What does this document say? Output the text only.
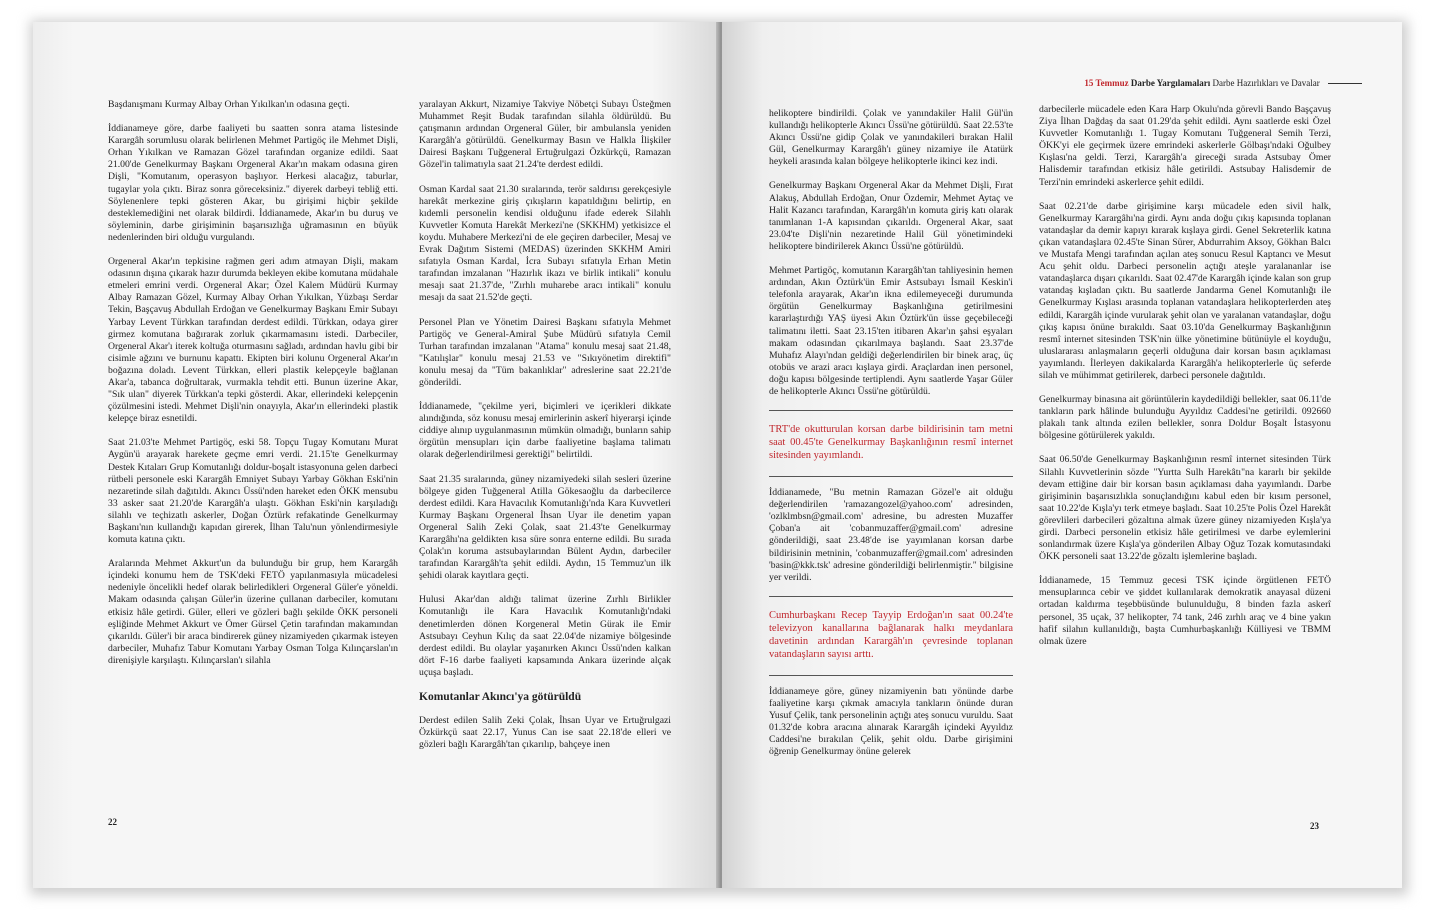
Başdanışmanı Kurmay Albay Orhan Yıkılkan'ın odasına geçti.

İddianameye göre, darbe faaliyeti bu saatten sonra atama listesinde Karargâh sorumlusu olarak belirlenen Mehmet Partigöç ile Mehmet Dişli, Orhan Yıkılkan ve Ramazan Gözel tarafından organize edildi. Saat 21.00'de Genelkurmay Başkanı Orgeneral Akar'ın makam odasına giren Dişli, "Komutanım, operasyon başlıyor. Herkesi alacağız, taburlar, tugaylar yola çıktı. Biraz sonra göreceksiniz." diyerek darbeyi tebliğ etti. Söylenenlere tepki gösteren Akar, bu girişimi hiçbir şekilde desteklemediğini net olarak bildirdi. İddianamede, Akar'ın bu duruş ve söyleminin, darbe girişiminin başarısızlığa uğramasının en büyük nedenlerinden biri olduğu vurgulandı.

Orgeneral Akar'ın tepkisine rağmen geri adım atmayan Dişli, makam odasının dışına çıkarak hazır durumda bekleyen ekibe komutana müdahale etmeleri emrini verdi. Orgeneral Akar; Özel Kalem Müdürü Kurmay Albay Ramazan Gözel, Kurmay Albay Orhan Yıkılkan, Yüzbaşı Serdar Tekin, Başçavuş Abdullah Erdoğan ve Genelkurmay Başkanı Emir Subayı Yarbay Levent Türkkan tarafından derdest edildi. Türkkan, odaya girer girmez komutana bağırarak zorluk çıkarmamasını istedi. Darbeciler, Orgeneral Akar'ı iterek koltuğa oturmasını sağladı, ardından havlu gibi bir cisimle ağzını ve burnunu kapattı. Ekipten biri kolunu Orgeneral Akar'ın boğazına doladı. Levent Türkkan, elleri plastik kelepçeyle bağlanan Akar'a, tabanca doğrultarak, vurmakla tehdit etti. Bunun üzerine Akar, "Sık ulan" diyerek Türkkan'a tepki gösterdi. Akar, ellerindeki kelepçenin çözülmesini istedi. Mehmet Dişli'nin onayıyla, Akar'ın ellerindeki plastik kelepçe biraz esnetildi.

Saat 21.03'te Mehmet Partigöç, eski 58. Topçu Tugay Komutanı Murat Aygün'ü arayarak harekete geçme emri verdi. 21.15'te Genelkurmay Destek Kıtaları Grup Komutanlığı doldur-boşalt istasyonuna gelen darbeci rütbeli personele eski Karargâh Emniyet Subayı Yarbay Gökhan Eski'nin nezaretinde silah dağıtıldı. Akıncı Üssü'nden hareket eden ÖKK mensubu 33 asker saat 21.20'de Karargâh'a ulaştı. Gökhan Eski'nin karşıladığı silahlı ve teçhizatlı askerler, Doğan Öztürk refakatinde Genelkurmay Başkanı'nın kullandığı kapıdan girerek, İlhan Talu'nun yönlendirmesiyle komuta katına çıktı.

Aralarında Mehmet Akkurt'un da bulunduğu bir grup, hem Karargâh içindeki konumu hem de TSK'deki FETÖ yapılanmasıyla mücadelesi nedeniyle öncelikli hedef olarak belirledikleri Orgeneral Güler'e yöneldi. Makam odasında çalışan Güler'in üzerine çullanan darbeciler, komutanı etkisiz hâle getirdi. Güler, elleri ve gözleri bağlı şekilde ÖKK personeli eşliğinde Mehmet Akkurt ve Ömer Gürsel Çetin tarafından makamından çıkarıldı. Güler'i bir araca bindirerek güney nizamiyeden çıkarmak isteyen darbeciler, Muhafız Tabur Komutanı Yarbay Osman Tolga Kılınçarslan'ın direnişiyle karşılaştı. Kılınçarslan'ı silahla

yaralayan Akkurt, Nizamiye Takviye Nöbetçi Subayı Üsteğmen Muhammet Reşit Budak tarafından silahla öldürüldü. Bu çatışmanın ardından Orgeneral Güler, bir ambulansla yeniden Karargâh'a götürüldü. Genelkurmay Basın ve Halkla İlişkiler Dairesi Başkanı Tuğgeneral Ertuğrulgazi Özkürkçü, Ramazan Gözel'in talimatıyla saat 21.24'te derdest edildi.

Osman Kardal saat 21.30 sıralarında, terör saldırısı gerekçesiyle harekât merkezine giriş çıkışların kapatıldığını belirtip, en kıdemli personelin kendisi olduğunu ifade ederek Silahlı Kuvvetler Komuta Harekât Merkezi'ne (SKKHM) yetkisizce el koydu. Muhabere Merkezi'ni de ele geçiren darbeciler, Mesaj ve Evrak Dağıtım Sistemi (MEDAS) üzerinden SKKHM Amiri sıfatıyla Osman Kardal, İcra Subayı sıfatıyla Erhan Metin tarafından imzalanan "Hazırlık ikazı ve birlik intikali" konulu mesajı saat 21.37'de, "Zırhlı muharebe aracı intikali" konulu mesajı da saat 21.52'de geçti.

Personel Plan ve Yönetim Dairesi Başkanı sıfatıyla Mehmet Partigöç ve General-Amiral Şube Müdürü sıfatıyla Cemil Turhan tarafından imzalanan "Atama" konulu mesaj saat 21.48, "Katılışlar" konulu mesaj 21.53 ve "Sıkıyönetim direktifi" konulu mesaj da "Tüm bakanlıklar" adreslerine saat 22.21'de gönderildi.

İddianamede, "çekilme yeri, biçimleri ve içerikleri dikkate alındığında, söz konusu mesaj emirlerinin askerî hiyerarşi içinde ciddiye alınıp uygulanmasının mümkün olmadığı, bunların sahip örgütün mensupları için darbe faaliyetine başlama talimatı olarak değerlendirilmesi gerektiği" belirtildi.

Saat 21.35 sıralarında, güney nizamiyedeki silah sesleri üzerine bölgeye giden Tuğgeneral Atilla Gökesaoğlu da darbecilerce derdest edildi. Kara Havacılık Komutanlığı'nda Kara Kuvvetleri Kurmay Başkanı Orgeneral İhsan Uyar ile denetim yapan Orgeneral Salih Zeki Çolak, saat 21.43'te Genelkurmay Karargâhı'na geldikten kısa süre sonra enterne edildi. Bu sırada Çolak'ın koruma astsubaylarından Bülent Aydın, darbeciler tarafından Karargâh'ta şehit edildi. Aydın, 15 Temmuz'un ilk şehidi olarak kayıtlara geçti.

Hulusi Akar'dan aldığı talimat üzerine Zırhlı Birlikler Komutanlığı ile Kara Havacılık Komutanlığı'ndaki denetimlerden dönen Korgeneral Metin Gürak ile Emir Astsubayı Ceyhun Kılıç da saat 22.04'de nizamiye bölgesinde derdest edildi. Bu olaylar yaşanırken Akıncı Üssü'nden kalkan dört F-16 darbe faaliyeti kapsamında Ankara üzerinde alçak uçuşa başladı.

Komutanlar Akıncı'ya götürüldü

Derdest edilen Salih Zeki Çolak, İhsan Uyar ve Ertuğrulgazi Özkürkçü saat 22.17, Yunus Can ise saat 22.18'de elleri ve gözleri bağlı Karargâh'tan çıkarılıp, bahçeye inen

22
15 Temmuz Darbe Yargılamaları Darbe Hazırlıkları ve Davalar

helikoptere bindirildi. Çolak ve yanındakiler Halil Gül'ün kullandığı helikopterle Akıncı Üssü'ne götürüldü. Saat 22.53'te Akıncı Üssü'ne gidip Çolak ve yanındakileri bırakan Halil Gül, Genelkurmay Karargâh'ı güney nizamiye ile Atatürk heykeli arasında kalan bölgeye helikopterle ikinci kez indi.

Genelkurmay Başkanı Orgeneral Akar da Mehmet Dişli, Fırat Alakuş, Abdullah Erdoğan, Onur Özdemir, Mehmet Aytaç ve Halit Kazancı tarafından, Karargâh'ın komuta giriş katı olarak tanımlanan 1-A kapısından çıkarıldı. Orgeneral Akar, saat 23.04'te Dişli'nin nezaretinde Halil Gül yönetimindeki helikoptere bindirilerek Akıncı Üssü'ne götürüldü.

Mehmet Partigöç, komutanın Karargâh'tan tahliyesinin hemen ardından, Akın Öztürk'ün Emir Astsubayı İsmail Keskin'i telefonla arayarak, Akar'ın ikna edilemeyeceği durumunda örgütün Genelkurmay Başkanlığına getirilmesini kararlaştırdığı YAŞ üyesi Akın Öztürk'ün üsse geçebileceği talimatını iletti. Saat 23.15'ten itibaren Akar'ın şahsi eşyaları makam odasından çıkarılmaya başlandı. Saat 23.37'de Muhafız Alayı'ndan geldiği değerlendirilen bir binek araç, üç otobüs ve arazi aracı kışlaya girdi. Araçlardan inen personel, doğu kapısı bölgesinde tertiplendi. Aynı saatlerde Yaşar Güler de helikopterle Akıncı Üssü'ne götürüldü.

TRT'de okutturulan korsan darbe bildirisinin tam metni saat 00.45'te Genelkurmay Başkanlığının resmî internet sitesinden yayımlandı.

İddianamede, "Bu metnin Ramazan Gözel'e ait olduğu değerlendirilen 'ramazangozel@yahoo.com' adresinden, 'ozlklmbsn@gmail.com' adresine, bu adresten Muzaffer Çoban'a ait 'cobanmuzaffer@gmail.com' adresine gönderildiği, saat 23.48'de ise yayımlanan korsan darbe bildirisinin metninin, 'cobanmuzaffer@gmail.com' adresinden 'basin@kkk.tsk' adresine gönderildiği belirlenmiştir." bilgisine yer verildi.

Cumhurbaşkanı Recep Tayyip Erdoğan'ın saat 00.24'te televizyon kanallarına bağlanarak halkı meydanlara davetinin ardından Karargâh'ın çevresinde toplanan vatandaşların sayısı arttı.

İddianameye göre, güney nizamiyenin batı yönünde darbe faaliyetine karşı çıkmak amacıyla tankların önünde duran Yusuf Çelik, tank personelinin açtığı ateş sonucu vuruldu. Saat 01.32'de kobra aracına alınarak Karargâh içindeki Ayyıldız Caddesi'ne bırakılan Çelik, şehit oldu. Darbe girişimini öğrenip Genelkurmay önüne gelerek

darbecilerle mücadele eden Kara Harp Okulu'nda görevli Bando Başçavuş Ziya İlhan Dağdaş da saat 01.29'da şehit edildi. Aynı saatlerde eski Özel Kuvvetler Komutanlığı 1. Tugay Komutanı Tuğgeneral Semih Terzi, ÖKK'yi ele geçirmek üzere emrindeki askerlerle Gölbaşı'ndaki Oğulbey Kışlası'na geldi. Terzi, Karargâh'a gireceği sırada Astsubay Ömer Halisdemir tarafından etkisiz hâle getirildi. Astsubay Halisdemir de Terzi'nin emrindeki askerlerce şehit edildi.

Saat 02.21'de darbe girişimine karşı mücadele eden sivil halk, Genelkurmay Karargâhı'na girdi. Aynı anda doğu çıkış kapısında toplanan vatandaşlar da demir kapıyı kırarak kışlaya girdi. Genel Sekreterlik katına çıkan vatandaşlara 02.45'te Sinan Sürer, Abdurrahim Aksoy, Gökhan Balcı ve Mustafa Mengi tarafından açılan ateş sonucu Resul Kaptancı ve Mesut Acu şehit oldu. Darbeci personelin açtığı ateşle yaralananlar ise vatandaşlarca dışarı çıkarıldı. Saat 02.47'de Karargâh içinde kalan son grup vatandaş kışladan çıktı. Bu saatlerde Jandarma Genel Komutanlığı ile Genelkurmay Kışlası arasında toplanan vatandaşlara helikopterlerden ateş edildi, Karargâh içinde vurularak şehit olan ve yaralanan vatandaşlar, doğu çıkış kapısı önüne bırakıldı. Saat 03.10'da Genelkurmay Başkanlığının resmî internet sitesinden TSK'nin ülke yönetimine bütünüyle el koyduğu, uluslararası anlaşmaların geçerli olduğuna dair korsan basın açıklaması yayımlandı. İlerleyen dakikalarda Karargâh'a helikopterlerle üç seferde silah ve mühimmat getirilerek, darbeci personele dağıtıldı.

Genelkurmay binasına ait görüntülerin kaydedildiği bellekler, saat 06.11'de tankların park hâlinde bulunduğu Ayyıldız Caddesi'ne getirildi. 092660 plakalı tank altında ezilen bellekler, sonra Doldur Boşalt İstasyonu bölgesine götürülerek yakıldı.

Saat 06.50'de Genelkurmay Başkanlığının resmî internet sitesinden Türk Silahlı Kuvvetlerinin sözde "Yurtta Sulh Harekâtı"na kararlı bir şekilde devam ettiğine dair bir korsan basın açıklaması daha yayımlandı. Darbe girişiminin başarısızlıkla sonuçlandığını kabul eden bir kısım personel, saat 10.22'de Kışla'yı terk etmeye başladı. Saat 10.25'te Polis Özel Harekât görevlileri darbecileri gözaltına almak üzere güney nizamiyeden Kışla'ya girdi. Darbeci personelin etkisiz hâle getirilmesi ve darbe eylemlerini sonlandırmak üzere Kışla'ya gönderilen Albay Oğuz Tozak komutasındaki ÖKK personeli saat 13.22'de gözaltı işlemlerine başladı.

İddianamede, 15 Temmuz gecesi TSK içinde örgütlenen FETÖ mensuplarınca cebir ve şiddet kullanılarak demokratik anayasal düzeni ortadan kaldırma teşebbüsünde bulunulduğu, 8 binden fazla askerî personel, 35 uçak, 37 helikopter, 74 tank, 246 zırhlı araç ve 4 bine yakın hafif silahın kullanıldığı, başta Cumhurbaşkanlığı Külliyesi ve TBMM olmak üzere

23
